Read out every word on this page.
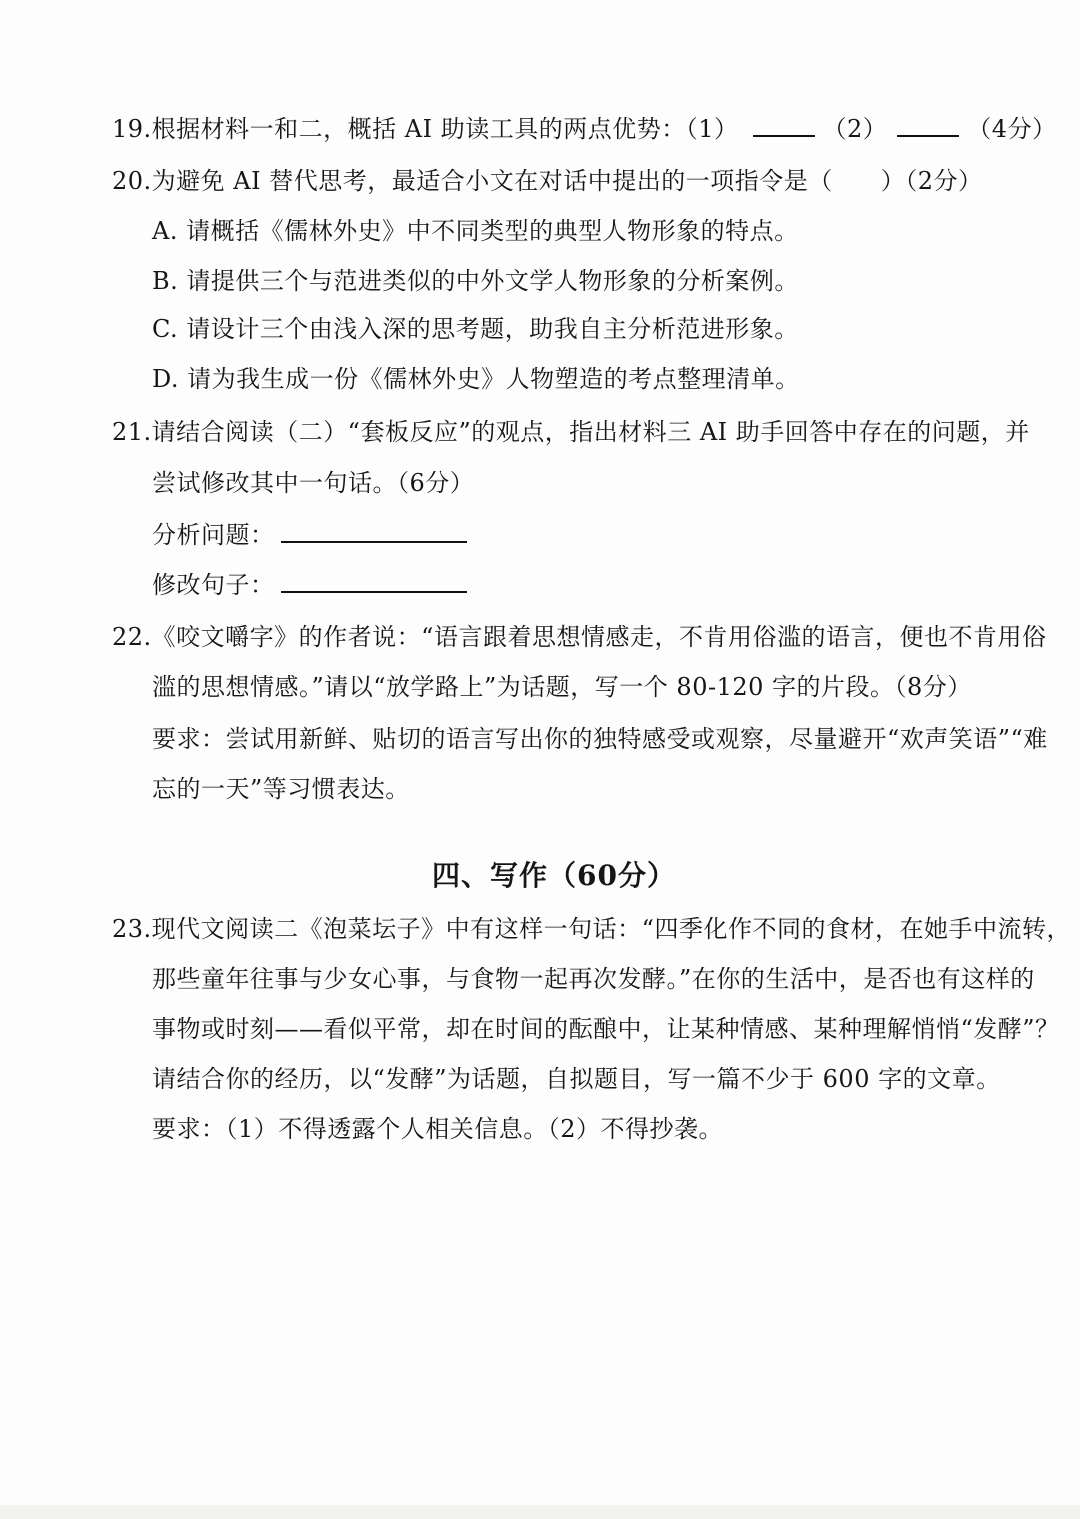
19.根据材料一和二，概括 AI 助读工具的两点优势：（1）	（2）	（4分）
20.为避免 AI 替代思考，最适合小文在对话中提出的一项指令是（ ）（2分）
A. 请概括《儒林外史》中不同类型的典型人物形象的特点。
B. 请提供三个与范进类似的中外文学人物形象的分析案例。
C. 请设计三个由浅入深的思考题，助我自主分析范进形象。
D. 请为我生成一份《儒林外史》人物塑造的考点整理清单。
21.请结合阅读（二）“套板反应”的观点，指出材料三 AI 助手回答中存在的问题，并
尝试修改其中一句话。（6分）
分析问题：
修改句子：
22.《咬文嚼字》的作者说：“语言跟着思想情感走，不肯用俗滥的语言，便也不肯用俗
滥的思想情感。”请以“放学路上”为话题，写一个 80-120 字的片段。（8分）
要求：尝试用新鲜、贴切的语言写出你的独特感受或观察，尽量避开“欢声笑语”“难
忘的一天”等习惯表达。
四、写作（60分）
23.现代文阅读二《泡菜坛子》中有这样一句话：“四季化作不同的食材，在她手中流转，
那些童年往事与少女心事，与食物一起再次发酵。”在你的生活中，是否也有这样的
事物或时刻——看似平常，却在时间的酝酿中，让某种情感、某种理解悄悄“发酵”？
请结合你的经历，以“发酵”为话题，自拟题目，写一篇不少于 600 字的文章。
要求：（1）不得透露个人相关信息。（2）不得抄袭。
